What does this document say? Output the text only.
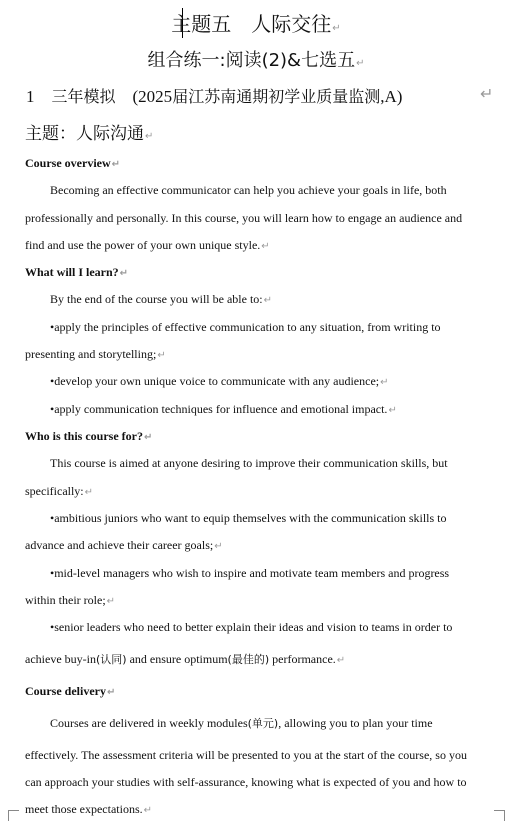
主题五　人际交往↵
组合练一:阅读(2)&七选五↵
1 三年模拟 (2025届江苏南通期初学业质量监测,A)	↵
主题：人际沟通↵
Course overview↵
Becoming an effective communicator can help you achieve your goals in life, both
professionally and personally. In this course, you will learn how to engage an audience and
find and use the power of your own unique style.↵
What will I learn?↵
By the end of the course you will be able to:↵
•apply the principles of effective communication to any situation, from writing to
presenting and storytelling;↵
•develop your own unique voice to communicate with any audience;↵
•apply communication techniques for influence and emotional impact.↵
Who is this course for?↵
This course is aimed at anyone desiring to improve their communication skills, but
specifically:↵
•ambitious juniors who want to equip themselves with the communication skills to
advance and achieve their career goals;↵
•mid-level managers who wish to inspire and motivate team members and progress
within their role;↵
•senior leaders who need to better explain their ideas and vision to teams in order to
achieve buy-in(认同) and ensure optimum(最佳的) performance.↵
Course delivery↵
Courses are delivered in weekly modules(单元), allowing you to plan your time
effectively. The assessment criteria will be presented to you at the start of the course, so you
can approach your studies with self-assurance, knowing what is expected of you and how to
meet those expectations.↵
